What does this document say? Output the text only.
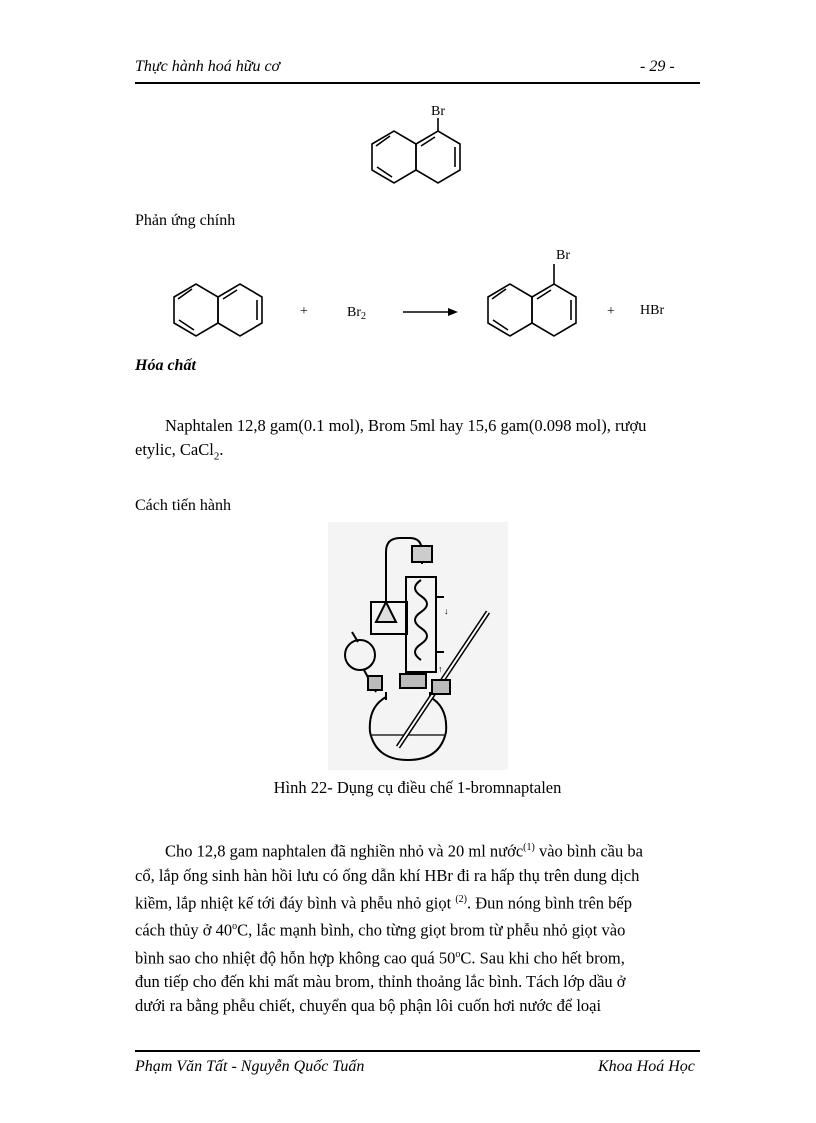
Thực hành hoá hữu cơ	- 29 -
Br
Phản ứng chính
+	$Br_2$
Br
+ HBr
Hóa chất
Naphtalen 12,8 gam(0.1 mol), Brom 5ml hay 15,6 gam(0.098 mol), rượu
etylic, CaCl$_2$.
Cách tiến hành
↓
↑
Hình 22- Dụng cụ điều chế 1-bromnaptalen
Cho 12,8 gam naphtalen đã nghiền nhỏ và 20 ml nước$^{(1)}$ vào bình cầu ba
cổ, lắp ống sinh hàn hồi lưu có ống dẫn khí HBr đi ra hấp thụ trên dung dịch
kiềm, lắp nhiệt kế tới đáy bình và phễu nhỏ giọt $^{(2)}$. Đun nóng bình trên bếp
cách thủy ở 40$^o$C, lắc mạnh bình, cho từng giọt brom từ phễu nhỏ giọt vào
bình sao cho nhiệt độ hỗn hợp không cao quá 50$^o$C. Sau khi cho hết brom,
đun tiếp cho đến khi mất màu brom, thỉnh thoảng lắc bình. Tách lớp dầu ở
dưới ra bằng phễu chiết, chuyển qua bộ phận lôi cuốn hơi nước để loại
Phạm Văn Tất - Nguyễn Quốc Tuấn	Khoa Hoá Học
